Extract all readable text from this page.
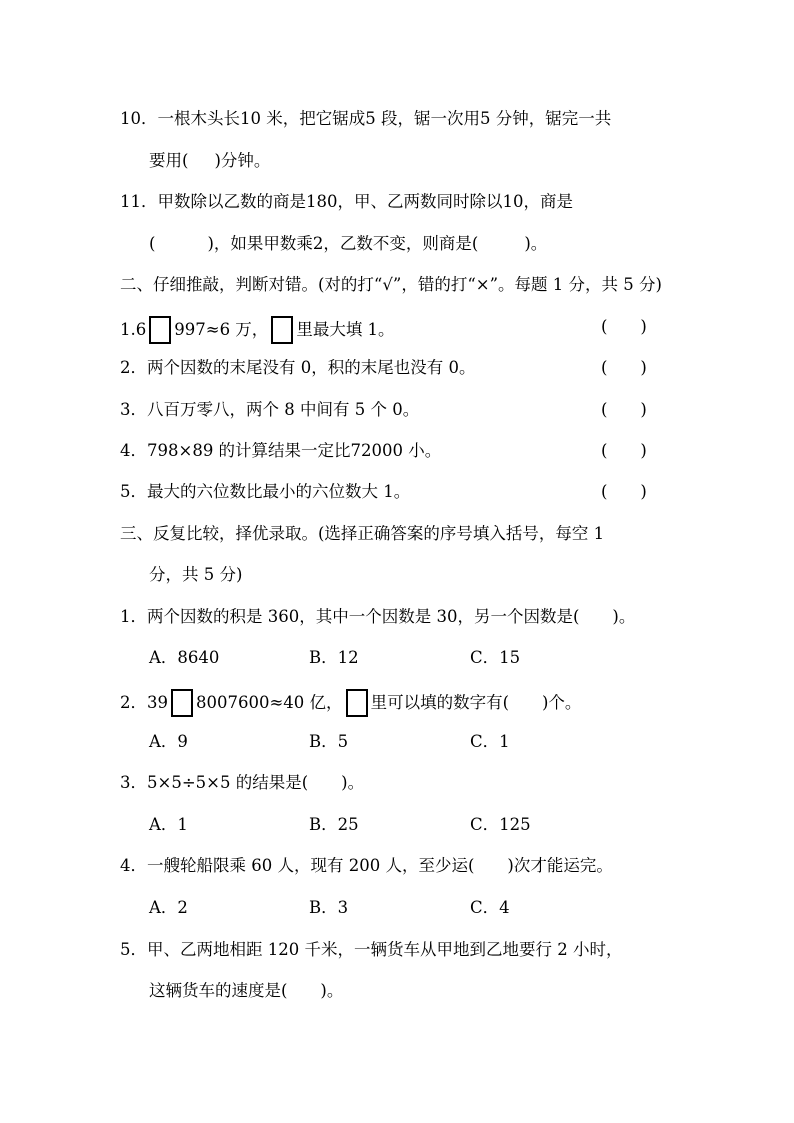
10．一根木头长10 米，把它锯成5 段，锯一次用5 分钟，锯完一共
要用( )分钟。
11．甲数除以乙数的商是180，甲、乙两数同时除以10，商是
(	)，如果甲数乘2，乙数不变，则商是(	)。
二、仔细推敲，判断对错。(对的打“√”，错的打“×”。每题 1 分，共 5 分)
1.6 997≈6 万， 里最大填 1。	(　　)
2．两个因数的末尾没有 0，积的末尾也没有 0。	(　　)
3．八百万零八，两个 8 中间有 5 个 0。	(　　)
4．798×89 的计算结果一定比72000 小。	(　　)
5．最大的六位数比最小的六位数大 1。	(　　)
三、反复比较，择优录取。(选择正确答案的序号填入括号，每空 1
分，共 5 分)
1．两个因数的积是 360，其中一个因数是 30，另一个因数是(　　)。
A．8640	B．12	C．15
2．39 8007600≈40 亿， 里可以填的数字有(　　)个。
A．9	B．5	C．1
3．5×5÷5×5 的结果是(　　)。
A．1	B．25	C．125
4．一艘轮船限乘 60 人，现有 200 人，至少运(　　)次才能运完。
A．2	B．3	C．4
5．甲、乙两地相距 120 千米，一辆货车从甲地到乙地要行 2 小时，
这辆货车的速度是(　　)。
